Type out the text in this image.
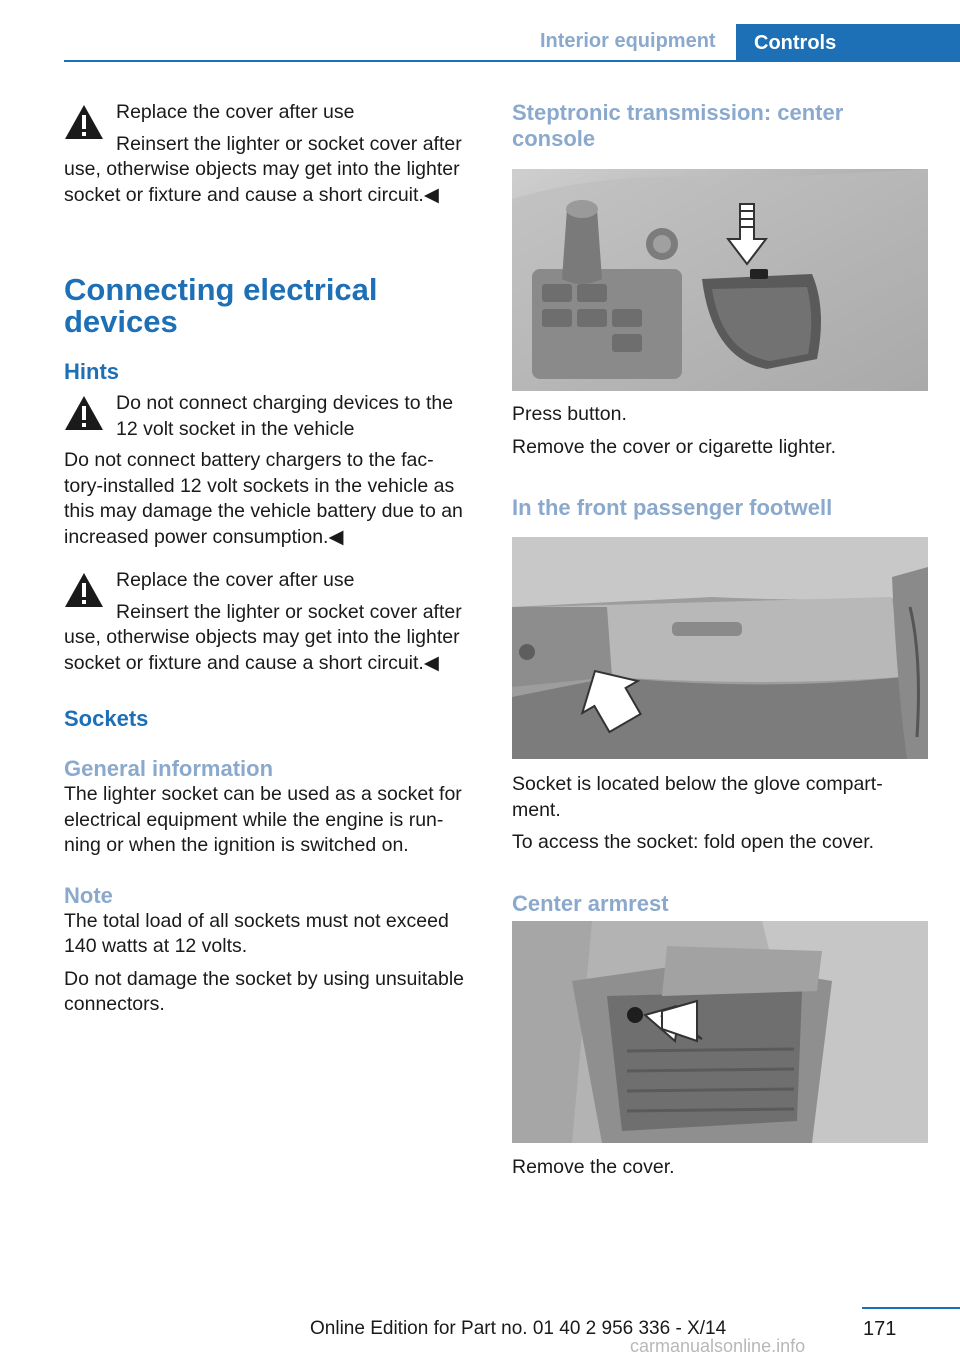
Interior equipment	Controls

Replace the cover after use

Reinsert the lighter or socket cover after

use, otherwise objects may get into the lighter

socket or fixture and cause a short circuit.◀

Connecting electrical
devices
Hints

Do not connect charging devices to the

12 volt socket in the vehicle

Do not connect battery chargers to the fac‐

tory-installed 12 volt sockets in the vehicle as

this may damage the vehicle battery due to an

increased power consumption.◀

Replace the cover after use

Reinsert the lighter or socket cover after

use, otherwise objects may get into the lighter

socket or fixture and cause a short circuit.◀

Sockets
General information

The lighter socket can be used as a socket for

electrical equipment while the engine is run‐

ning or when the ignition is switched on.

Note

The total load of all sockets must not exceed

140 watts at 12 volts.

Do not damage the socket by using unsuitable

connectors.

Steptronic transmission: center
console

Press button.

Remove the cover or cigarette lighter.

In the front passenger footwell

Socket is located below the glove compart‐

ment.

To access the socket: fold open the cover.

Center armrest

Remove the cover.

Online Edition for Part no. 01 40 2 956 336 - X/14	171
carmanualsonline.info
